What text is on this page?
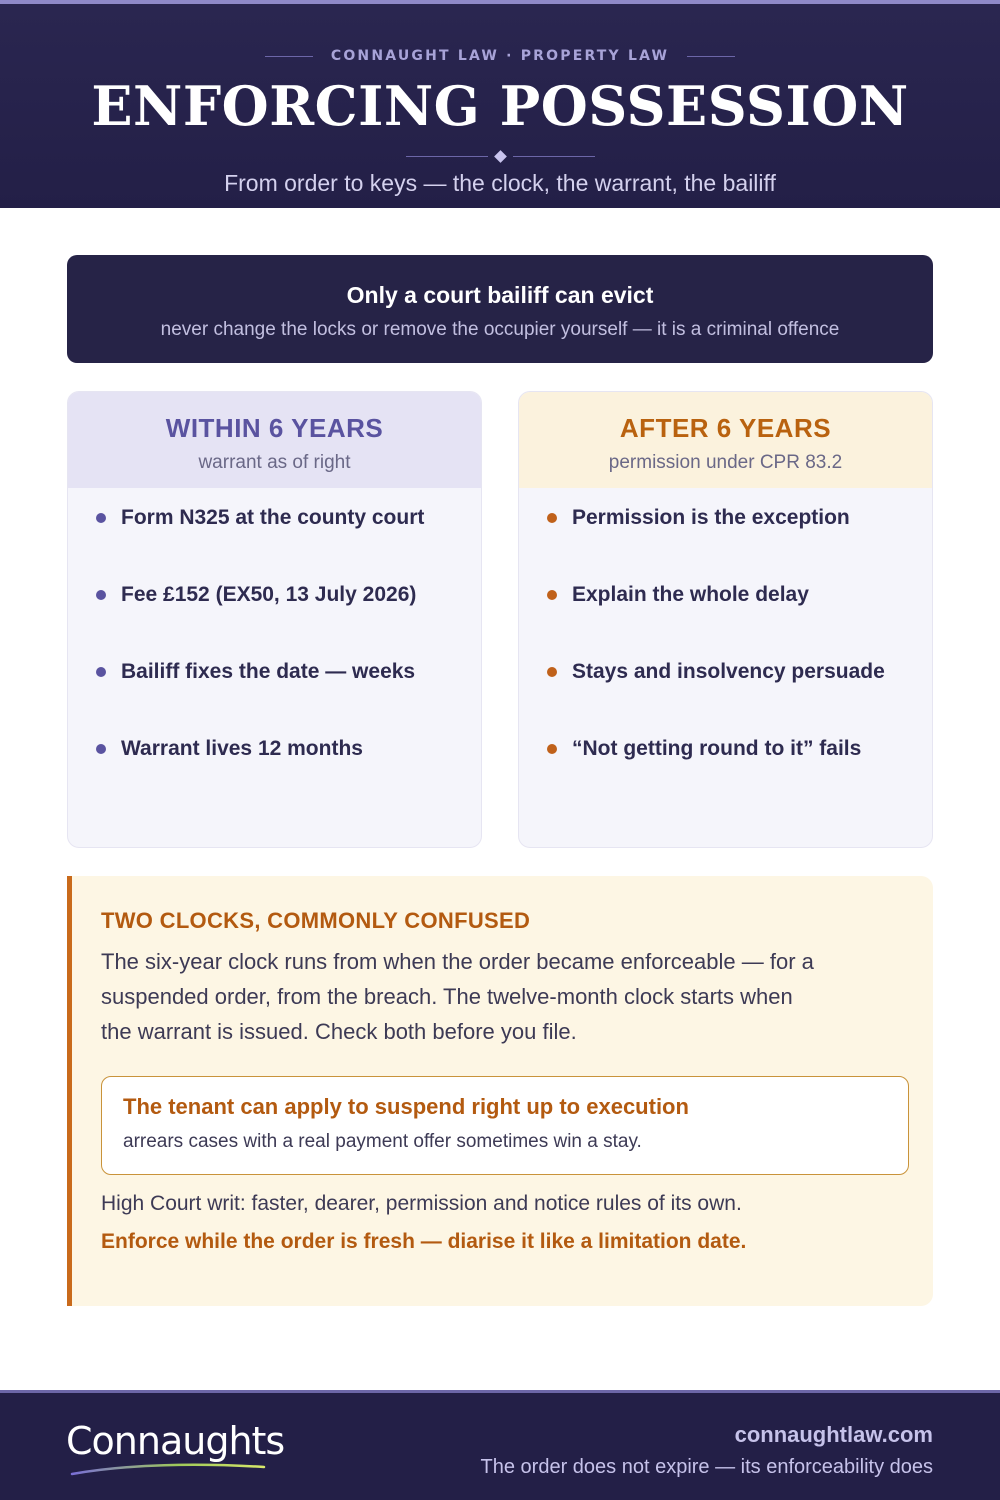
CONNAUGHT LAW · PROPERTY LAW
ENFORCING POSSESSION
From order to keys — the clock, the warrant, the bailiff
Only a court bailiff can evict
never change the locks or remove the occupier yourself — it is a criminal offence
WITHIN 6 YEARS
warrant as of right
Form N325 at the county court
Fee £152 (EX50, 13 July 2026)
Bailiff fixes the date — weeks
Warrant lives 12 months
AFTER 6 YEARS
permission under CPR 83.2
Permission is the exception
Explain the whole delay
Stays and insolvency persuade
“Not getting round to it” fails
TWO CLOCKS, COMMONLY CONFUSED

The six-year clock runs from when the order became enforceable — for a suspended order, from the breach. The twelve-month clock starts when the warrant is issued. Check both before you file.

The tenant can apply to suspend right up to execution
arrears cases with a real payment offer sometimes win a stay.
High Court writ: faster, dearer, permission and notice rules of its own.
Enforce while the order is fresh — diarise it like a limitation date.
Connaughts	connaughtlaw.com
The order does not expire — its enforceability does
